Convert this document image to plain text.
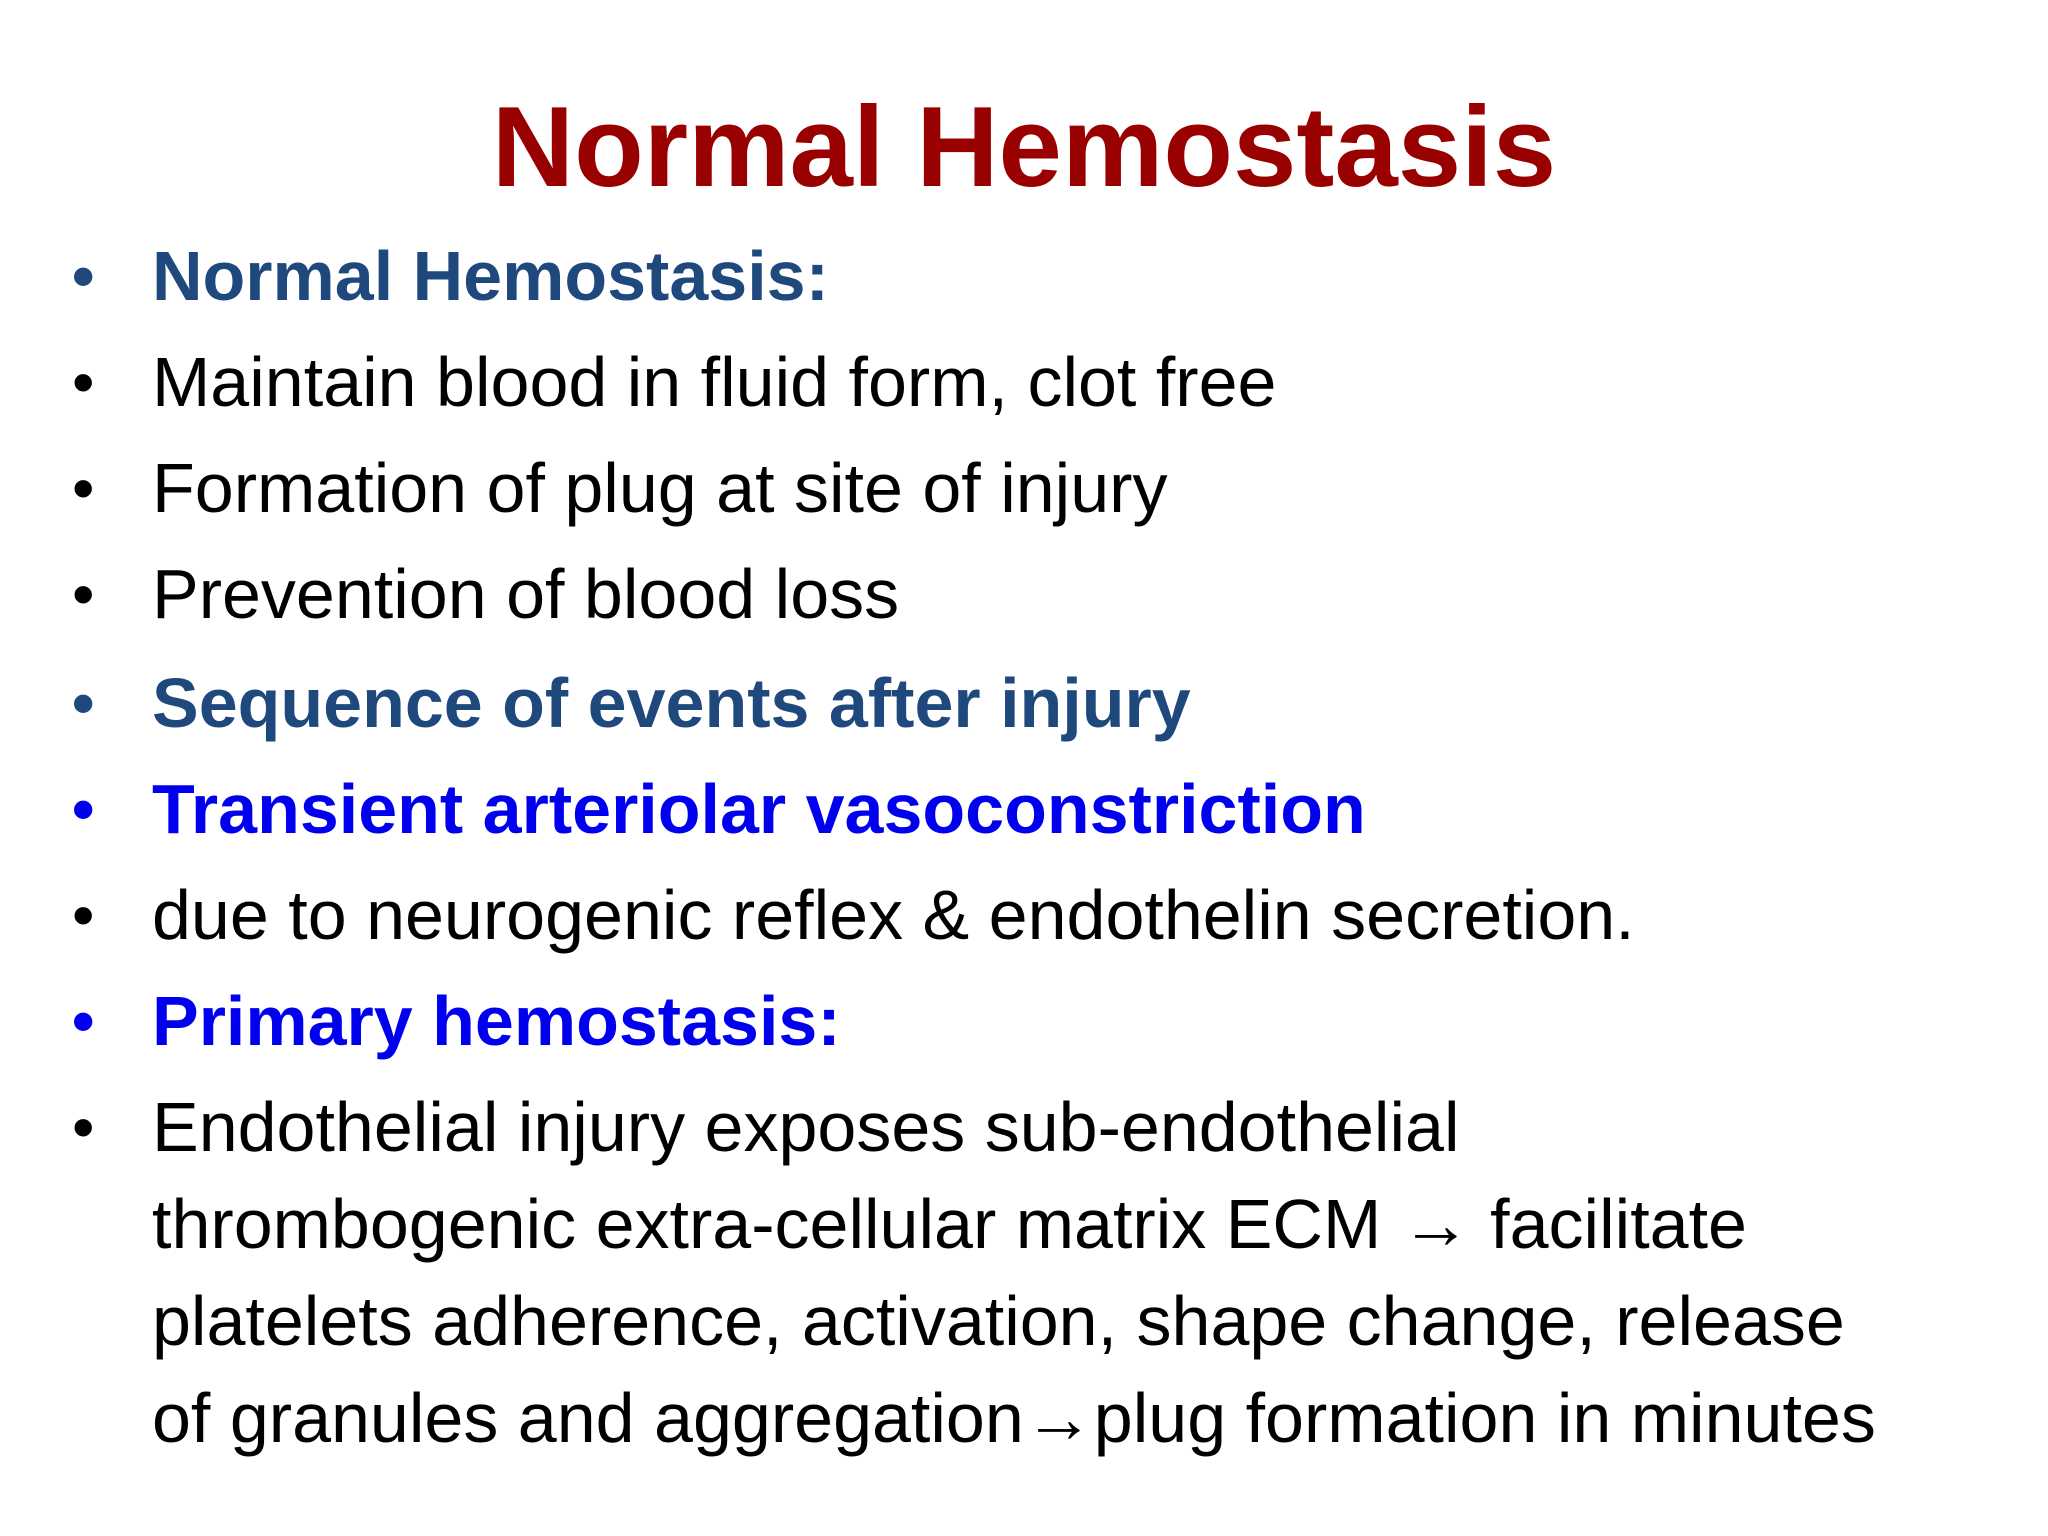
Normal Hemostasis
• Normal Hemostasis:
• Maintain blood in fluid form, clot free
• Formation of plug at site of injury
• Prevention of blood loss
• Sequence of events after injury
• Transient arteriolar vasoconstriction
• due to neurogenic reflex & endothelin secretion.
• Primary hemostasis:
• Endothelial injury exposes sub-endothelial
thrombogenic extra-cellular matrix ECM → facilitate
platelets adherence, activation, shape change, release
of granules and aggregation→plug formation in minutes
